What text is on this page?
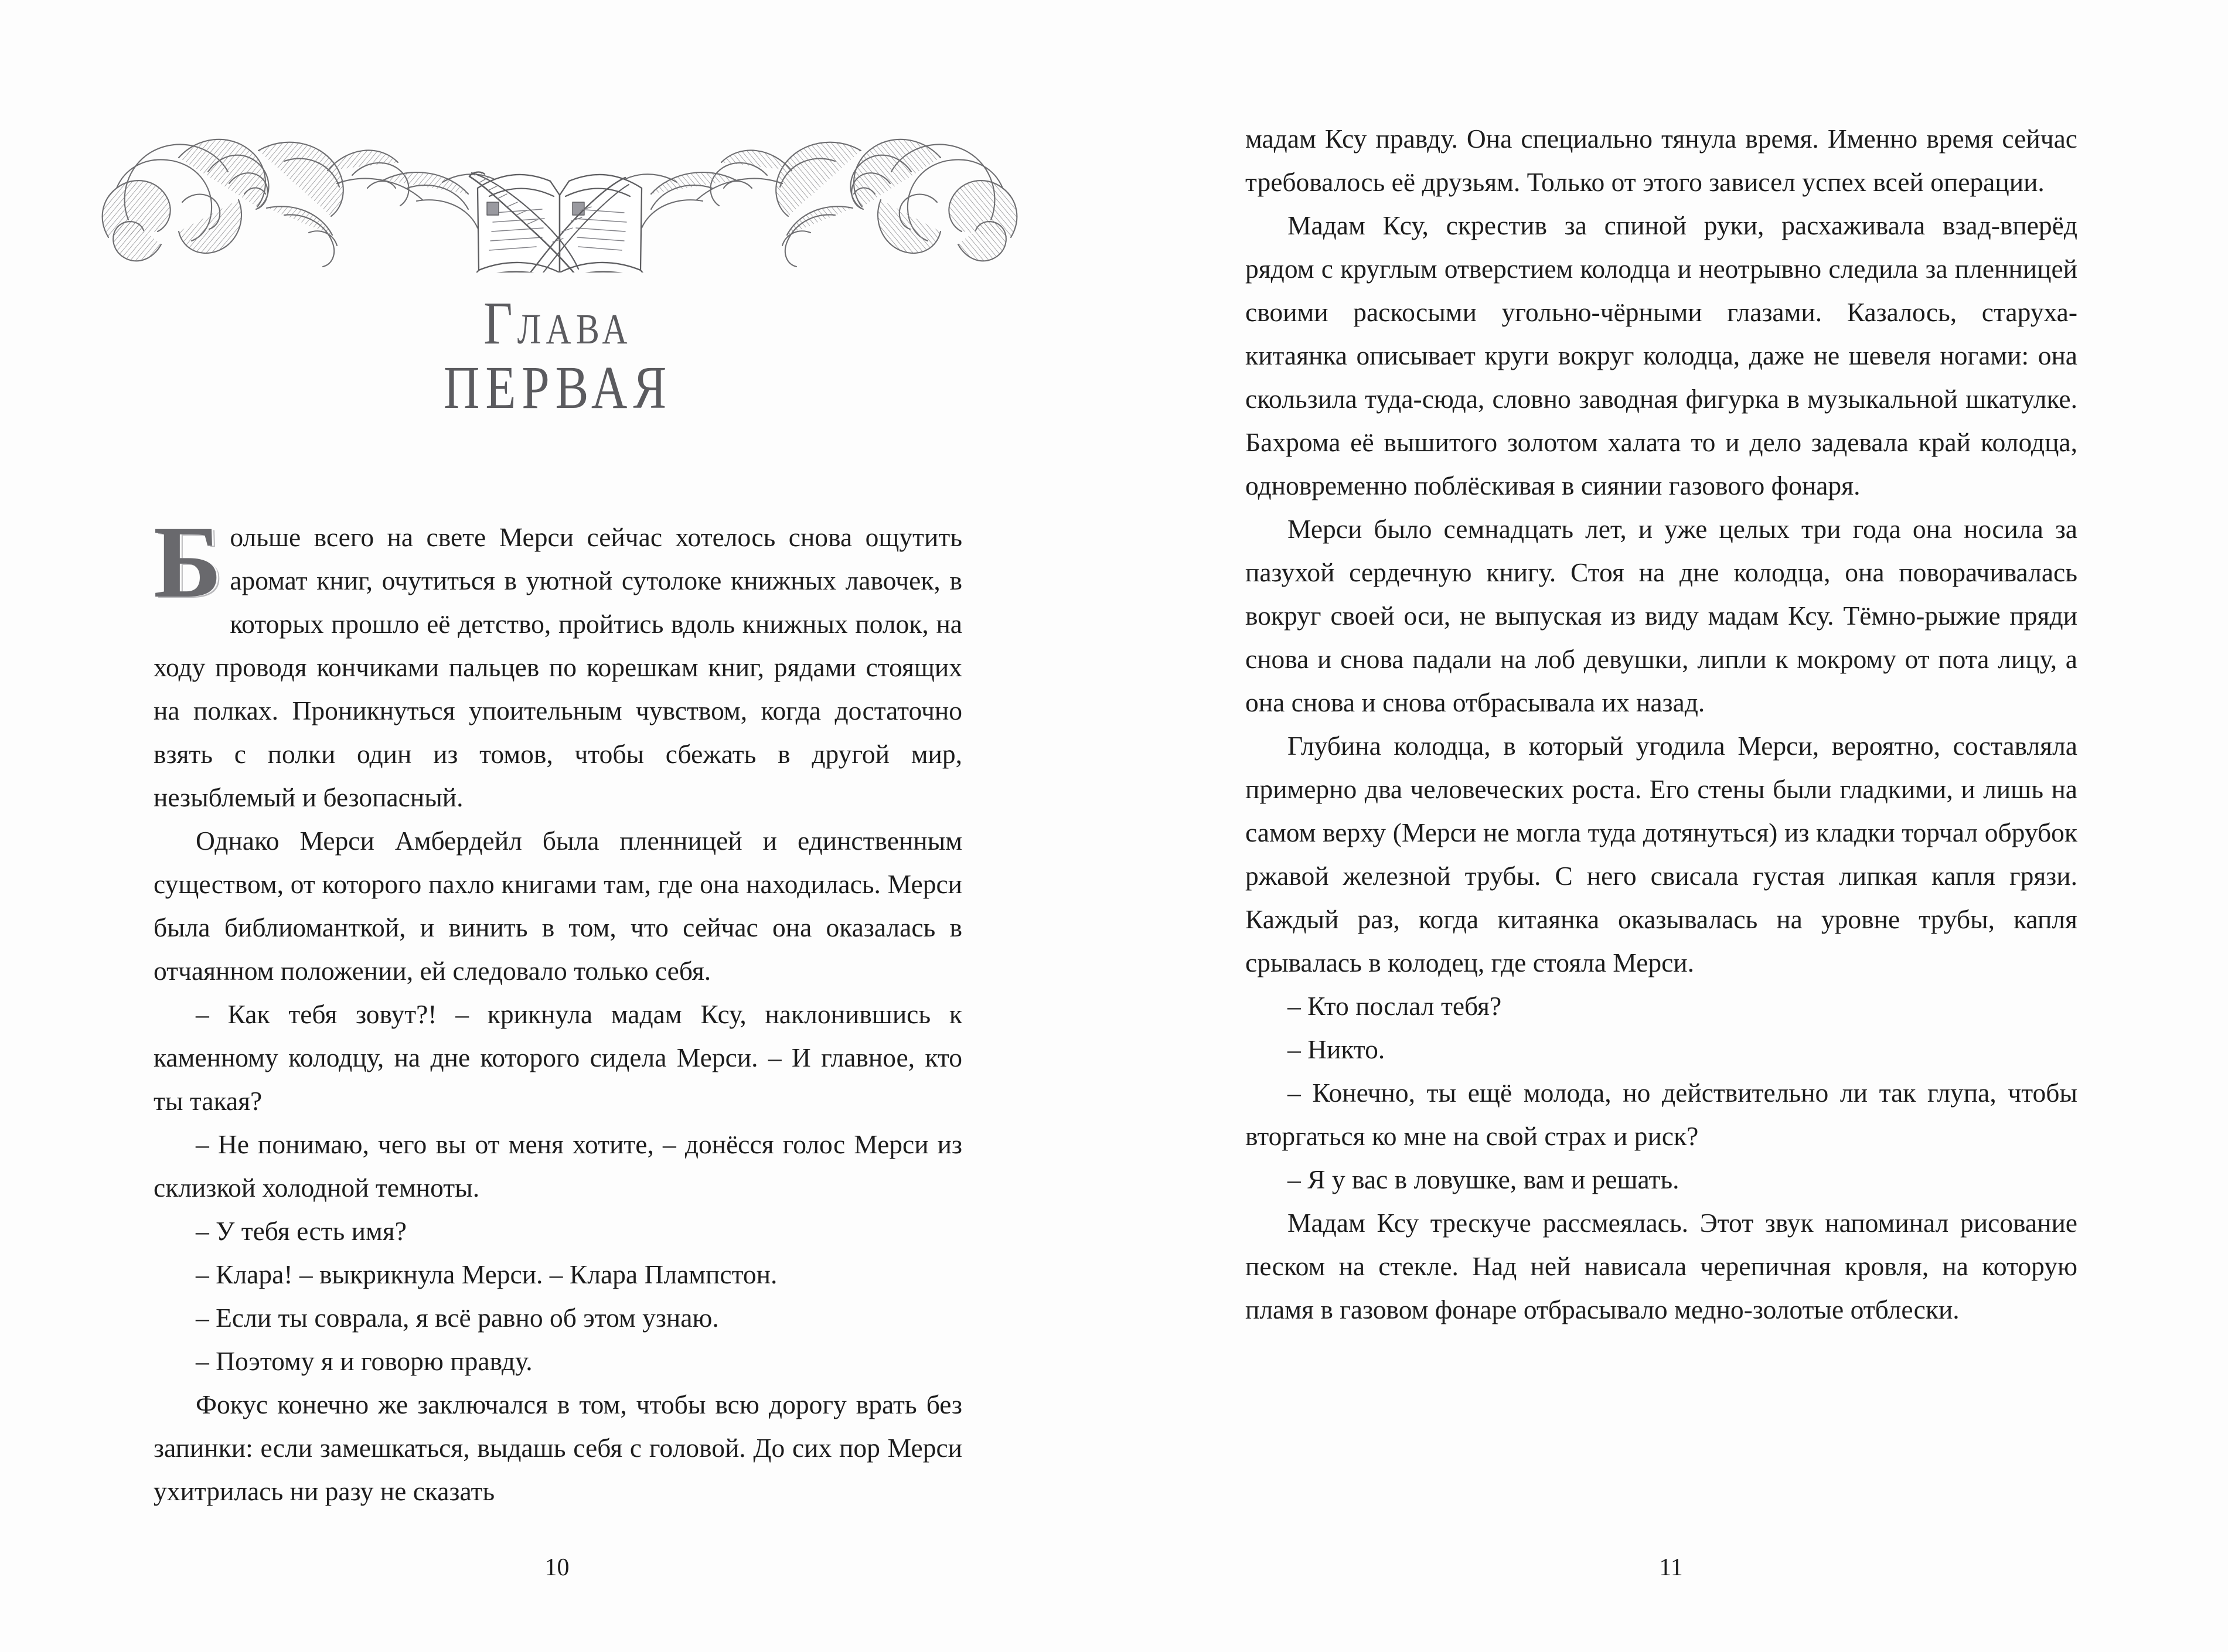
Глава
ПЕРВАЯ

Больше всего на свете Мерси сейчас хотелось снова ощутить аромат книг, очутиться в уютной сутолоке книжных лавочек, в которых прошло её детство, пройтись вдоль книжных полок, на ходу проводя кончиками пальцев по корешкам книг, рядами стоящих на полках. Проникнуться упоительным чувством, когда достаточно взять с полки один из томов, чтобы сбежать в другой мир, незыблемый и безопасный.

Однако Мерси Амбердейл была пленницей и единственным существом, от которого пахло книгами там, где она находилась. Мерси была библиоманткой, и винить в том, что сейчас она оказалась в отчаянном положении, ей следовало только себя.

– Как тебя зовут?! – крикнула мадам Ксу, наклонившись к каменному колодцу, на дне которого сидела Мерси. – И главное, кто ты такая?

– Не понимаю, чего вы от меня хотите, – донёсся голос Мерси из склизкой холодной темноты.

– У тебя есть имя?

– Клара! – выкрикнула Мерси. – Клара Плампстон.

– Если ты соврала, я всё равно об этом узнаю.

– Поэтому я и говорю правду.

Фокус конечно же заключался в том, чтобы всю дорогу врать без запинки: если замешкаться, выдашь себя с головой. До сих пор Мерси ухитрилась ни разу не сказать

10

мадам Ксу правду. Она специально тянула время. Именно время сейчас требовалось её друзьям. Только от этого зависел успех всей операции.

Мадам Ксу, скрестив за спиной руки, расхаживала взад-вперёд рядом с круглым отверстием колодца и неотрывно следила за пленницей своими раскосыми угольно-чёрными глазами. Казалось, старуха-китаянка описывает круги вокруг колодца, даже не шевеля ногами: она скользила туда-сюда, словно заводная фигурка в музыкальной шкатулке. Бахрома её вышитого золотом халата то и дело задевала край колодца, одновременно поблёскивая в сиянии газового фонаря.

Мерси было семнадцать лет, и уже целых три года она носила за пазухой сердечную книгу. Стоя на дне колодца, она поворачивалась вокруг своей оси, не выпуская из виду мадам Ксу. Тёмно-рыжие пряди снова и снова падали на лоб девушки, липли к мокрому от пота лицу, а она снова и снова отбрасывала их назад.

Глубина колодца, в который угодила Мерси, вероятно, составляла примерно два человеческих роста. Его стены были гладкими, и лишь на самом верху (Мерси не могла туда дотянуться) из кладки торчал обрубок ржавой железной трубы. С него свисала густая липкая капля грязи. Каждый раз, когда китаянка оказывалась на уровне трубы, капля срывалась в колодец, где стояла Мерси.

– Кто послал тебя?

– Никто.

– Конечно, ты ещё молода, но действительно ли так глупа, чтобы вторгаться ко мне на свой страх и риск?

– Я у вас в ловушке, вам и решать.

Мадам Ксу трескуче рассмеялась. Этот звук напоминал рисование песком на стекле. Над ней нависала черепичная кровля, на которую пламя в газовом фонаре отбрасывало медно-золотые отблески.

11
